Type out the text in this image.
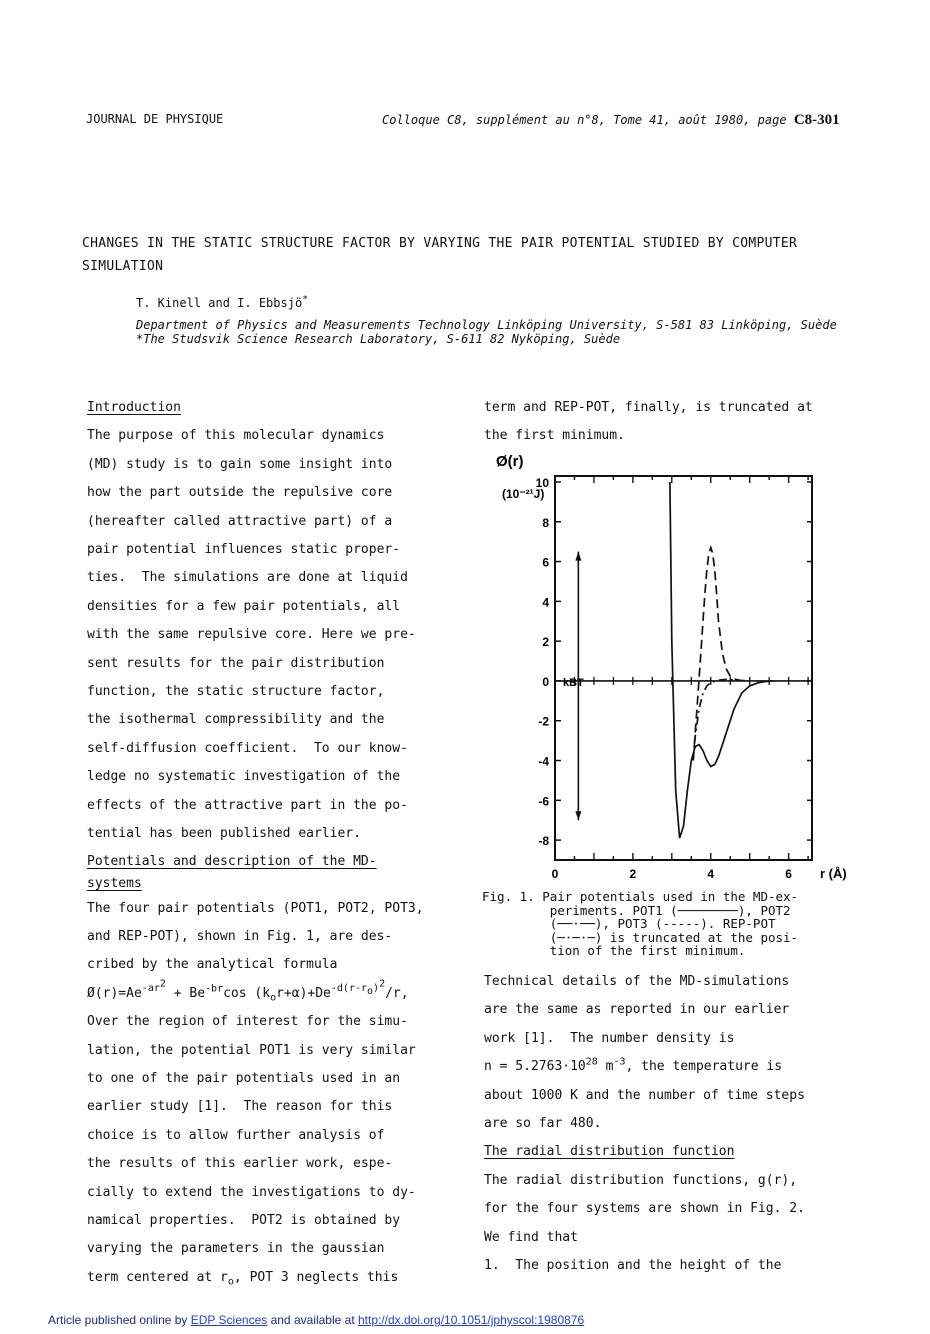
JOURNAL DE PHYSIQUE	Colloque C8, supplément au n°8, Tome 41, août 1980, page C8-301
CHANGES IN THE STATIC STRUCTURE FACTOR BY VARYING THE PAIR POTENTIAL STUDIED BY COMPUTER
SIMULATION
T. Kinell and I. Ebbsjö*
Department of Physics and Measurements Technology Linköping University, S-581 83 Linköping, Suède
*The Studsvik Science Research Laboratory, S-611 82 Nyköping, Suède
Introduction
The purpose of this molecular dynamics
(MD) study is to gain some insight into
how the part outside the repulsive core
(hereafter called attractive part) of a
pair potential influences static proper-
ties.  The simulations are done at liquid
densities for a few pair potentials, all
with the same repulsive core. Here we pre-
sent results for the pair distribution
function, the static structure factor,
the isothermal compressibility and the
self-diffusion coefficient.  To our know-
ledge no systematic investigation of the
effects of the attractive part in the po-
tential has been published earlier.
Potentials and description of the MD-
systems
The four pair potentials (POT1, POT2, POT3,
and REP-POT), shown in Fig. 1, are des-
cribed by the analytical formula
$Ø(r)=Ae^{-ar^2} + Be^{-br}\cos$ $(k_or+\alpha)+De^{-d(r-r_o)^2}/r$,
Over the region of interest for the simu-
lation, the potential POT1 is very similar
to one of the pair potentials used in an
earlier study [1].  The reason for this
choice is to allow further analysis of
the results of this earlier work, espe-
cially to extend the investigations to dy-
namical properties.  POT2 is obtained by
varying the parameters in the gaussian
term centered at $r_o$, POT 3 neglects this
term and REP-POT, finally, is truncated at
the first minimum.
10
8
6
4
2
0
-2
-4
-6
-8
0	2	4	6
Ø(r)
(10⁻²¹J)
r (Å)
kBT
Fig. 1. Pair potentials used in the MD-ex-
periments. POT1 (────────), POT2
(──·──), POT3 (-----). REP-POT
(─·─·─) is truncated at the posi-
tion of the first minimum.
Technical details of the MD-simulations
are the same as reported in our earlier
work [1].  The number density is
$n = 5.2763\cdot 10^{28}$ $m^{-3}$, the temperature is
about 1000 K and the number of time steps
are so far 480.
The radial distribution function
The radial distribution functions, g(r),
for the four systems are shown in Fig. 2.
We find that
1.  The position and the height of the
Article published online by EDP Sciences and available at http://dx.doi.org/10.1051/jphyscol:1980876
